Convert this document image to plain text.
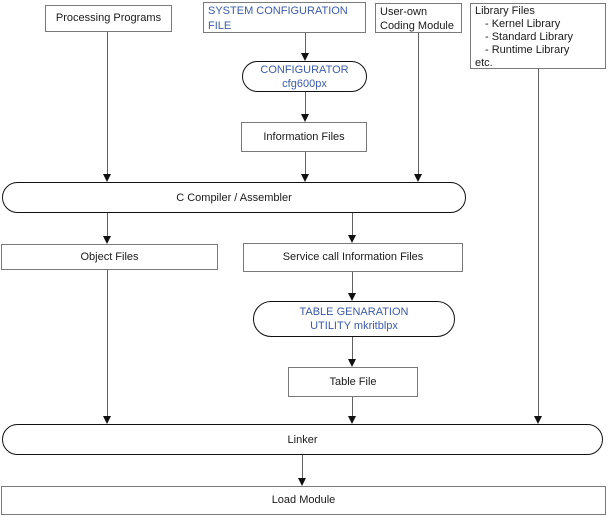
Processing Programs
SYSTEM CONFIGURATION
FILE
User-own
Coding Module
Library Files
- Kernel Library
- Standard Library
- Runtime Library
etc.
CONFIGURATOR
cfg600px
Information Files
C Compiler / Assembler
Object Files	Service call Information Files
TABLE GENARATION
UTILITY mkritblpx
Table File
Linker
Load Module
